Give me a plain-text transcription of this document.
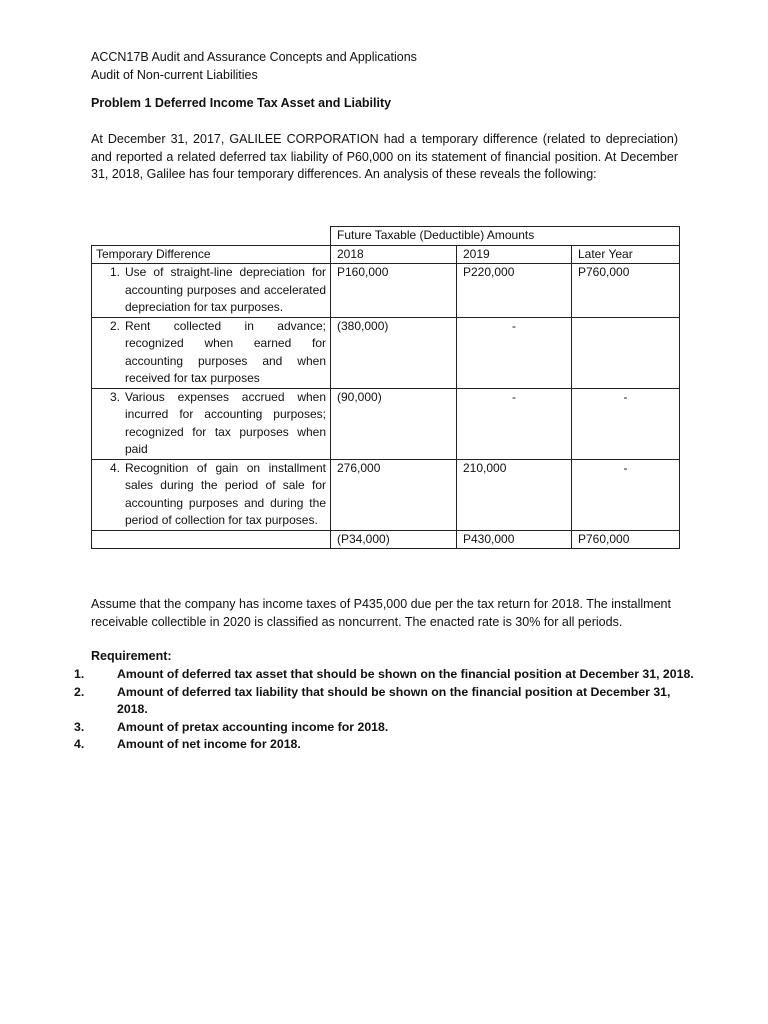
ACCN17B Audit and Assurance Concepts and Applications
Audit of Non-current Liabilities
Problem 1 Deferred Income Tax Asset and Liability
At December 31, 2017, GALILEE CORPORATION had a temporary difference (related to depreciation) and reported a related deferred tax liability of P60,000 on its statement of financial position. At December 31, 2018, Galilee has four temporary differences. An analysis of these reveals the following:
	Future Taxable (Deductible) Amounts		
Temporary Difference	2018	2019	Later Year

1. Use of straight-line depreciation for accounting purposes and accelerated depreciation for tax purposes.	P160,000	P220,000	P760,000

2. Rent collected in advance; recognized when earned for accounting purposes and when received for tax purposes	(380,000)	-	

3. Various expenses accrued when incurred for accounting purposes; recognized for tax purposes when paid	(90,000)	-	-

4. Recognition of gain on installment sales during the period of sale for accounting purposes and during the period of collection for tax purposes.	276,000	210,000	-
	(P34,000)	P430,000	P760,000
Assume that the company has income taxes of P435,000 due per the tax return for 2018. The installment receivable collectible in 2020 is classified as noncurrent. The enacted rate is 30% for all periods.
Requirement:
1.	Amount of deferred tax asset that should be shown on the financial position at December 31, 2018.
2.	Amount of deferred tax liability that should be shown on the financial position at December 31, 2018.
3.	Amount of pretax accounting income for 2018.
4.	Amount of net income for 2018.
